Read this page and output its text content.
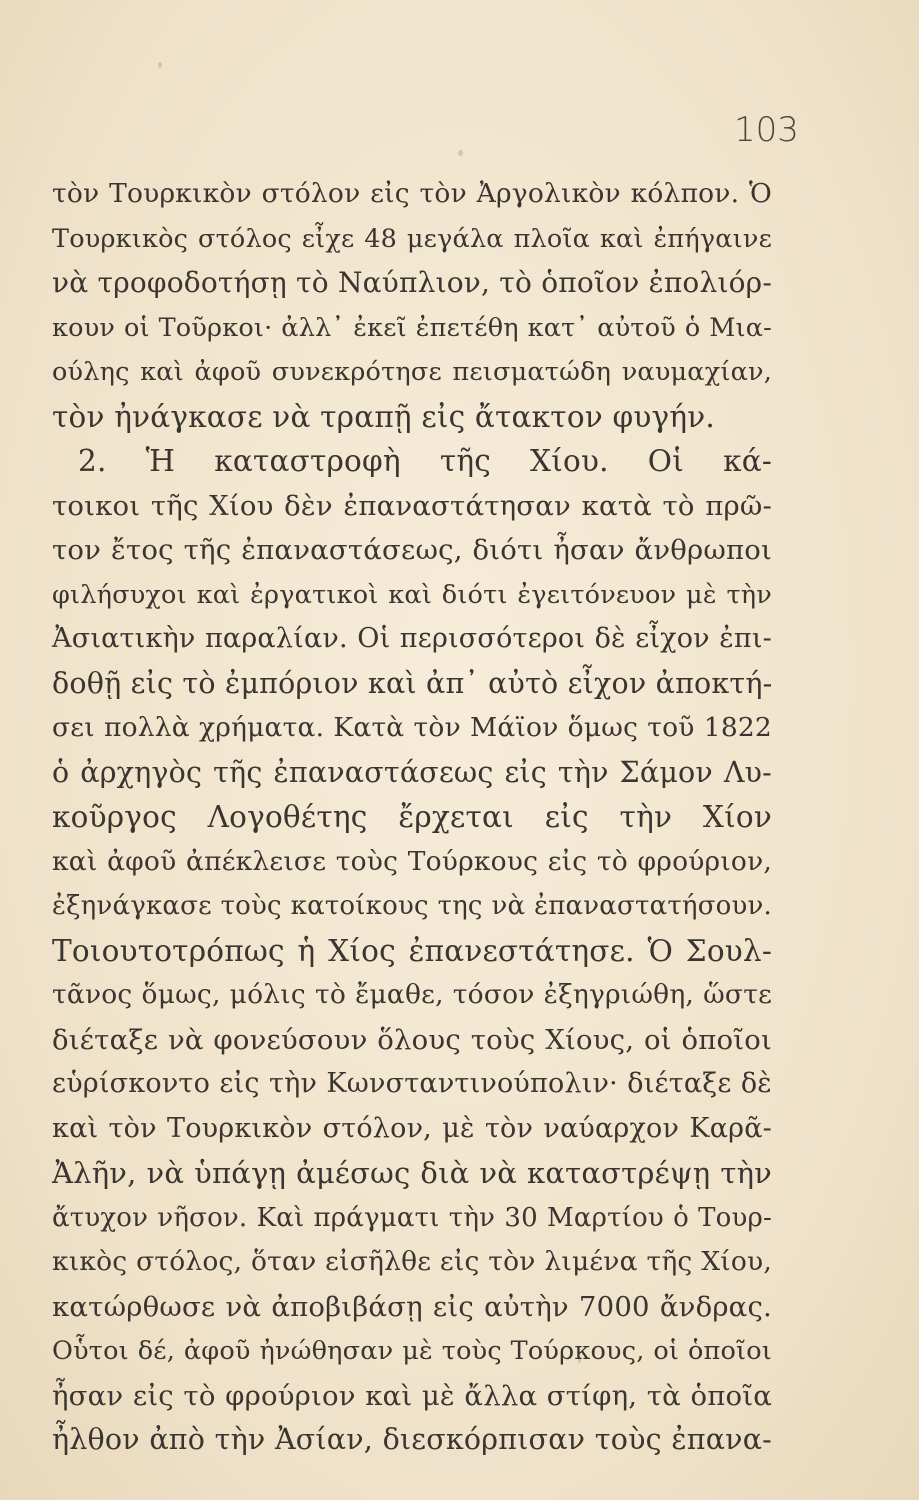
103
τὸν Τουρκικὸν στόλον εἰς τὸν Ἀργολικὸν κόλπον. Ὁ
Τουρκικὸς στόλος εἶχε 48 μεγάλα πλοῖα καὶ ἐπήγαινε
νὰ τροφοδοτήσῃ τὸ Ναύπλιον, τὸ ὁποῖον ἐπολιόρ-
κουν οἱ Τοῦρκοι· ἀλλ᾽ ἐκεῖ ἐπετέθη κατ᾽ αὐτοῦ ὁ Μια-
ούλης καὶ ἀφοῦ συνεκρότησε πεισματώδη ναυμαχίαν,
τὸν ἠνάγκασε νὰ τραπῇ εἰς ἄτακτον φυγήν.
2. Ἡ καταστροφὴ τῆς Χίου. Οἱ κά-
τοικοι τῆς Χίου δὲν ἐπαναστάτησαν κατὰ τὸ πρῶ-
τον ἔτος τῆς ἐπαναστάσεως, διότι ἦσαν ἄνθρωποι
φιλήσυχοι καὶ ἐργατικοὶ καὶ διότι ἐγειτόνευον μὲ τὴν
Ἀσιατικὴν παραλίαν. Οἱ περισσότεροι δὲ εἶχον ἐπι-
δοθῇ εἰς τὸ ἐμπόριον καὶ ἀπ᾽ αὐτὸ εἶχον ἀποκτή-
σει πολλὰ χρήματα. Κατὰ τὸν Μάϊον ὅμως τοῦ 1822
ὁ ἀρχηγὸς τῆς ἐπαναστάσεως εἰς τὴν Σάμον Λυ-
κοῦργος Λογοθέτης ἔρχεται εἰς τὴν Χίον
καὶ ἀφοῦ ἀπέκλεισε τοὺς Τούρκους εἰς τὸ φρούριον,
ἐξηνάγκασε τοὺς κατοίκους της νὰ ἐπαναστατήσουν.
Τοιουτοτρόπως ἡ Χίος ἐπανεστάτησε. Ὁ Σουλ-
τᾶνος ὅμως, μόλις τὸ ἔμαθε, τόσον ἐξηγριώθη, ὥστε
διέταξε νὰ φονεύσουν ὅλους τοὺς Χίους, οἱ ὁποῖοι
εὑρίσκοντο εἰς τὴν Κωνσταντινούπολιν· διέταξε δὲ
καὶ τὸν Τουρκικὸν στόλον, μὲ τὸν ναύαρχον Καρᾶ-
Ἀλῆν, νὰ ὑπάγῃ ἀμέσως διὰ νὰ καταστρέψῃ τὴν
ἄτυχον νῆσον. Καὶ πράγματι τὴν 30 Μαρτίου ὁ Τουρ-
κικὸς στόλος, ὅταν εἰσῆλθε εἰς τὸν λιμένα τῆς Χίου,
κατώρθωσε νὰ ἀποβιβάσῃ εἰς αὐτὴν 7000 ἄνδρας.
Οὗτοι δέ, ἀφοῦ ἠνώθησαν μὲ τοὺς Τούρκους, οἱ ὁποῖοι
ἦσαν εἰς τὸ φρούριον καὶ μὲ ἄλλα στίφη, τὰ ὁποῖα
ἦλθον ἀπὸ τὴν Ἀσίαν, διεσκόρπισαν τοὺς ἐπανα-
